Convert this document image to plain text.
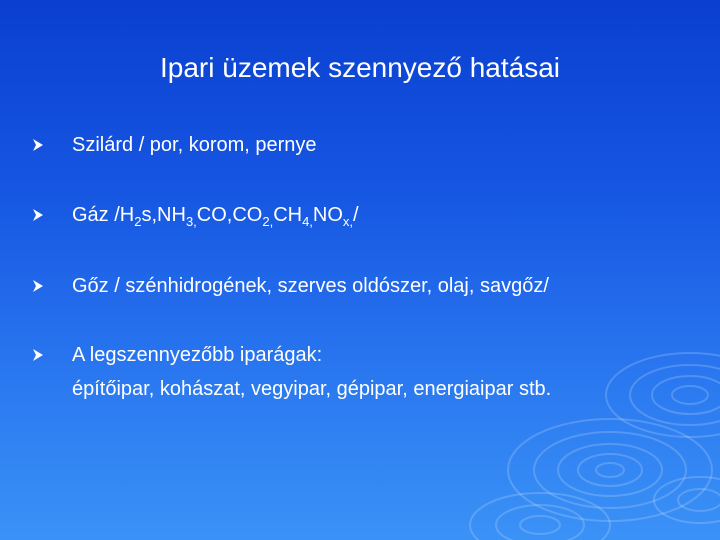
Ipari üzemek szennyező hatásai
Szilárd / por, korom, pernye
Gáz $/H_2s,NH_{3,}CO,CO_{2,}CH_{4,}NO_{x,}/$
Gőz / szénhidrogének, szerves oldószer, olaj, savgőz/
A legszennyezőbb iparágak:
építőipar, kohászat, vegyipar, gépipar, energiaipar stb.
